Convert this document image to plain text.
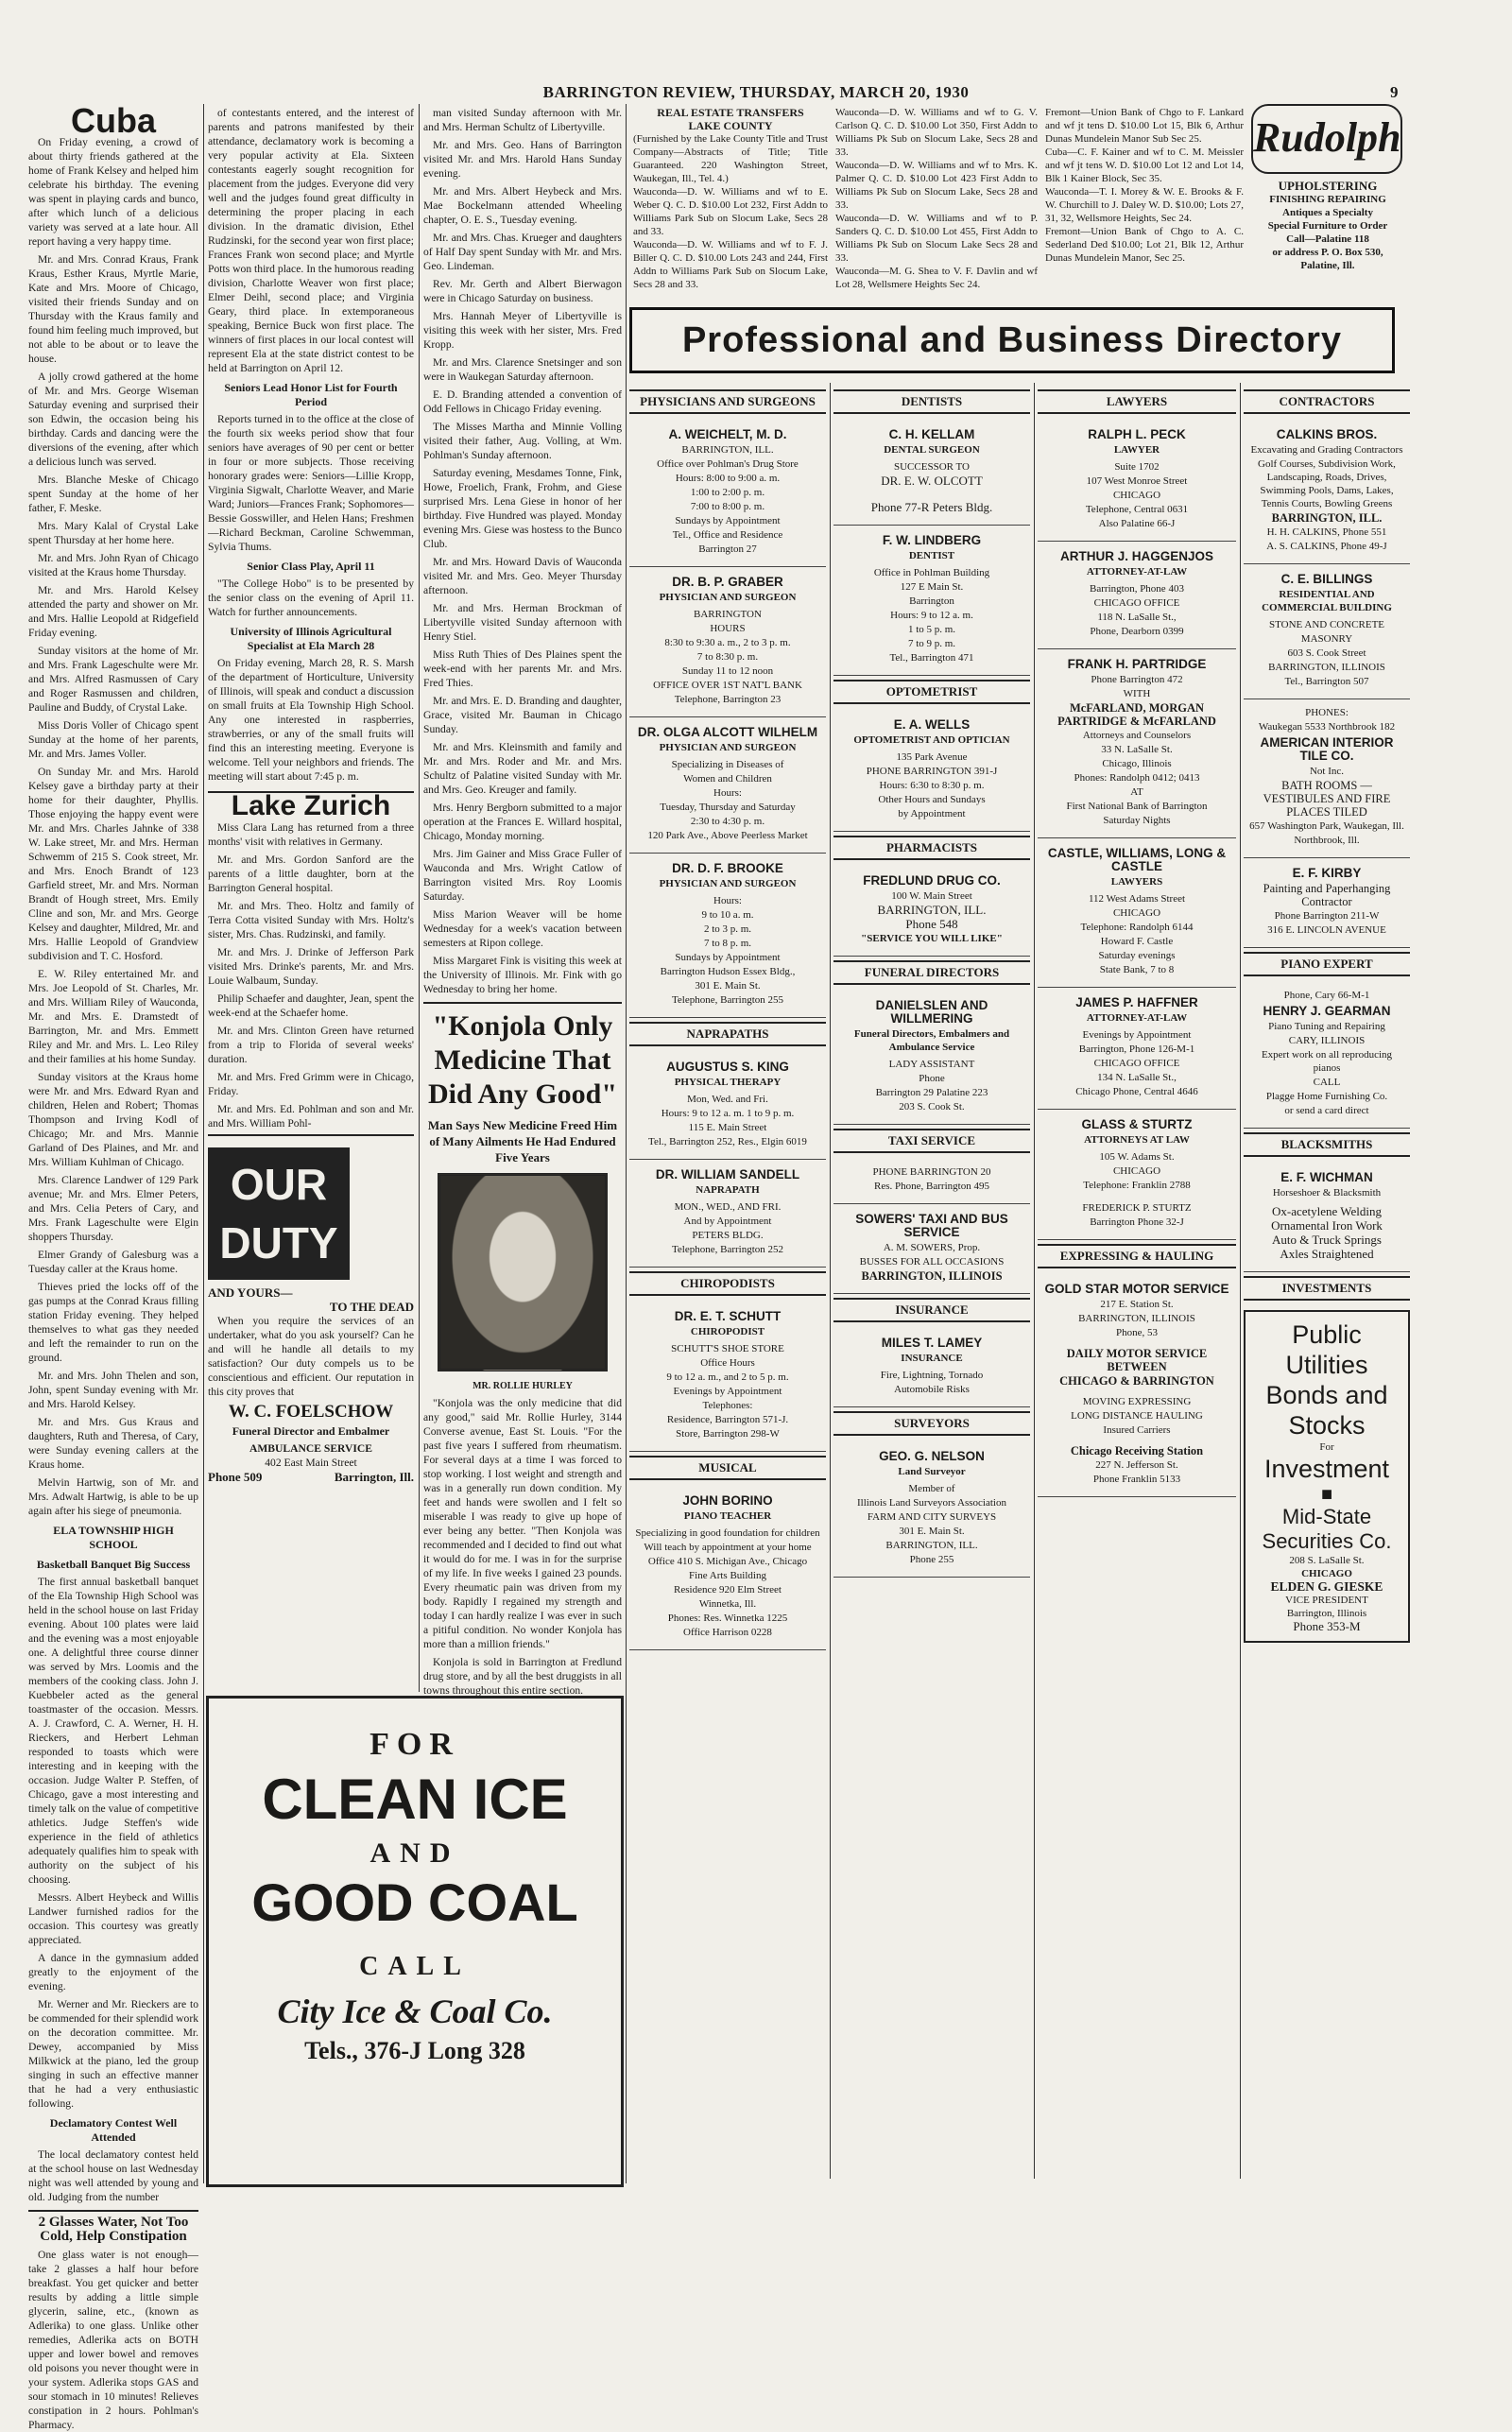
BARRINGTON REVIEW, THURSDAY, MARCH 20, 1930	9
Cuba

On Friday evening, a crowd of about thirty friends gathered at the home of Frank Kelsey and helped him celebrate his birthday. The evening was spent in playing cards and bunco, after which lunch of a delicious variety was served at a late hour. All report having a very happy time.

Mr. and Mrs. Conrad Kraus, Frank Kraus, Esther Kraus, Myrtle Marie, Kate and Mrs. Moore of Chicago, visited their friends Sunday and on Thursday with the Kraus family and found him feeling much improved, but not able to be about or to leave the house.

A jolly crowd gathered at the home of Mr. and Mrs. George Wiseman Saturday evening and surprised their son Edwin, the occasion being his birthday. Cards and dancing were the diversions of the evening, after which a delicious lunch was served.

Mrs. Blanche Meske of Chicago spent Sunday at the home of her father, F. Meske.

Mrs. Mary Kalal of Crystal Lake spent Thursday at her home here.

Mr. and Mrs. John Ryan of Chicago visited at the Kraus home Thursday.

Mr. and Mrs. Harold Kelsey attended the party and shower on Mr. and Mrs. Hallie Leopold at Ridgefield Friday evening.

Sunday visitors at the home of Mr. and Mrs. Frank Lageschulte were Mr. and Mrs. Alfred Rasmussen of Cary and Roger Rasmussen and children, Pauline and Buddy, of Crystal Lake.

Miss Doris Voller of Chicago spent Sunday at the home of her parents, Mr. and Mrs. James Voller.

On Sunday Mr. and Mrs. Harold Kelsey gave a birthday party at their home for their daughter, Phyllis. Those enjoying the happy event were Mr. and Mrs. Charles Jahnke of 338 W. Lake street, Mr. and Mrs. Herman Schwemm of 215 S. Cook street, Mr. and Mrs. Enoch Brandt of 123 Garfield street, Mr. and Mrs. Norman Brandt of Hough street, Mrs. Emily Cline and son, Mr. and Mrs. George Kelsey and daughter, Mildred, Mr. and Mrs. Hallie Leopold of Grandview subdivision and T. C. Hosford.

E. W. Riley entertained Mr. and Mrs. Joe Leopold of St. Charles, Mr. and Mrs. William Riley of Wauconda, Mr. and Mrs. E. Dramstedt of Barrington, Mr. and Mrs. Emmett Riley and Mr. and Mrs. L. Leo Riley and their families at his home Sunday.

Sunday visitors at the Kraus home were Mr. and Mrs. Edward Ryan and children, Helen and Robert; Thomas Thompson and Irving Kodl of Chicago; Mr. and Mrs. Mannie Garland of Des Plaines, and Mr. and Mrs. William Kuhlman of Chicago.

Mrs. Clarence Landwer of 129 Park avenue; Mr. and Mrs. Elmer Peters, and Mrs. Celia Peters of Cary, and Mrs. Frank Lageschulte were Elgin shoppers Thursday.

Elmer Grandy of Galesburg was a Tuesday caller at the Kraus home.

Thieves pried the locks off of the gas pumps at the Conrad Kraus filling station Friday evening. They helped themselves to what gas they needed and left the remainder to run on the ground.

Mr. and Mrs. John Thelen and son, John, spent Sunday evening with Mr. and Mrs. Harold Kelsey.

Mr. and Mrs. Gus Kraus and daughters, Ruth and Theresa, of Cary, were Sunday evening callers at the Kraus home.

Melvin Hartwig, son of Mr. and Mrs. Adwalt Hartwig, is able to be up again after his siege of pneumonia.

ELA TOWNSHIP HIGH SCHOOL
Basketball Banquet Big Success

The first annual basketball banquet of the Ela Township High School was held in the school house on last Friday evening. About 100 plates were laid and the evening was a most enjoyable one. A delightful three course dinner was served by Mrs. Loomis and the members of the cooking class. John J. Kuebbeler acted as the general toastmaster of the occasion. Messrs. A. J. Crawford, C. A. Werner, H. H. Rieckers, and Herbert Lehman responded to toasts which were interesting and in keeping with the occasion. Judge Walter P. Steffen, of Chicago, gave a most interesting and timely talk on the value of competitive athletics. Judge Steffen's wide experience in the field of athletics adequately qualifies him to speak with authority on the subject of his choosing.

Messrs. Albert Heybeck and Willis Landwer furnished radios for the occasion. This courtesy was greatly appreciated.

A dance in the gymnasium added greatly to the enjoyment of the evening.

Mr. Werner and Mr. Rieckers are to be commended for their splendid work on the decoration committee. Mr. Dewey, accompanied by Miss Milkwick at the piano, led the group singing in such an effective manner that he had a very enthusiastic following.

Declamatory Contest Well Attended

The local declamatory contest held at the school house on last Wednesday night was well attended by young and old. Judging from the number

2 Glasses Water, Not Too Cold, Help Constipation

One glass water is not enough—take 2 glasses a half hour before breakfast. You get quicker and better results by adding a little simple glycerin, saline, etc., (known as Adlerika) to one glass. Unlike other remedies, Adlerika acts on BOTH upper and lower bowel and removes old poisons you never thought were in your system. Adlerika stops GAS and sour stomach in 10 minutes! Relieves constipation in 2 hours. Pohlman's Pharmacy.

of contestants entered, and the interest of parents and patrons manifested by their attendance, declamatory work is becoming a very popular activity at Ela. Sixteen contestants eagerly sought recognition for placement from the judges. Everyone did very well and the judges found great difficulty in determining the proper placing in each division. In the dramatic division, Ethel Rudzinski, for the second year won first place; Frances Frank won second place; and Myrtle Potts won third place. In the humorous reading division, Charlotte Weaver won first place; Elmer Deihl, second place; and Virginia Geary, third place. In extemporaneous speaking, Bernice Buck won first place. The winners of first places in our local contest will represent Ela at the state district contest to be held at Barrington on April 12.

Seniors Lead Honor List for Fourth Period

Reports turned in to the office at the close of the fourth six weeks period show that four seniors have averages of 90 per cent or better in four or more subjects. Those receiving honorary grades were: Seniors—Lillie Kropp, Virginia Sigwalt, Charlotte Weaver, and Marie Ward; Juniors—Frances Frank; Sophomores—Bessie Gosswiller, and Helen Hans; Freshmen—Richard Beckman, Caroline Schwemman, Sylvia Thums.

Senior Class Play, April 11

"The College Hobo" is to be presented by the senior class on the evening of April 11. Watch for further announcements.

University of Illinois Agricultural Specialist at Ela March 28

On Friday evening, March 28, R. S. Marsh of the department of Horticulture, University of Illinois, will speak and conduct a discussion on small fruits at Ela Township High School. Any one interested in raspberries, strawberries, or any of the small fruits will find this an interesting meeting. Everyone is welcome. Tell your neighbors and friends. The meeting will start about 7:45 p. m.

Lake Zurich

Miss Clara Lang has returned from a three months' visit with relatives in Germany.

Mr. and Mrs. Gordon Sanford are the parents of a little daughter, born at the Barrington General hospital.

Mr. and Mrs. Theo. Holtz and family of Terra Cotta visited Sunday with Mrs. Holtz's sister, Mrs. Chas. Rudzinski, and family.

Mr. and Mrs. J. Drinke of Jefferson Park visited Mrs. Drinke's parents, Mr. and Mrs. Louie Walbaum, Sunday.

Philip Schaefer and daughter, Jean, spent the week-end at the Schaefer home.

Mr. and Mrs. Clinton Green have returned from a trip to Florida of several weeks' duration.

Mr. and Mrs. Fred Grimm were in Chicago, Friday.

Mr. and Mrs. Ed. Pohlman and son and Mr. and Mrs. William Pohl-

OUR
DUTY
AND YOURS—
TO THE DEAD

When you require the services of an undertaker, what do you ask yourself? Can he and will he handle all details to my satisfaction? Our duty compels us to be conscientious and efficient. Our reputation in this city proves that

W. C. FOELSCHOW
Funeral Director and Embalmer
AMBULANCE SERVICE
402 East Main Street
Phone 509	Barrington, Ill.

man visited Sunday afternoon with Mr. and Mrs. Herman Schultz of Libertyville.

Mr. and Mrs. Geo. Hans of Barrington visited Mr. and Mrs. Harold Hans Sunday evening.

Mr. and Mrs. Albert Heybeck and Mrs. Mae Bockelmann attended Wheeling chapter, O. E. S., Tuesday evening.

Mr. and Mrs. Chas. Krueger and daughters of Half Day spent Sunday with Mr. and Mrs. Geo. Lindeman.

Rev. Mr. Gerth and Albert Bierwagon were in Chicago Saturday on business.

Mrs. Hannah Meyer of Libertyville is visiting this week with her sister, Mrs. Fred Kropp.

Mr. and Mrs. Clarence Snetsinger and son were in Waukegan Saturday afternoon.

E. D. Branding attended a convention of Odd Fellows in Chicago Friday evening.

The Misses Martha and Minnie Volling visited their father, Aug. Volling, at Wm. Pohlman's Sunday afternoon.

Saturday evening, Mesdames Tonne, Fink, Howe, Froelich, Frank, Frohm, and Giese surprised Mrs. Lena Giese in honor of her birthday. Five Hundred was played. Monday evening Mrs. Giese was hostess to the Bunco Club.

Mr. and Mrs. Howard Davis of Wauconda visited Mr. and Mrs. Geo. Meyer Thursday afternoon.

Mr. and Mrs. Herman Brockman of Libertyville visited Sunday afternoon with Henry Stiel.

Miss Ruth Thies of Des Plaines spent the week-end with her parents Mr. and Mrs. Fred Thies.

Mr. and Mrs. E. D. Branding and daughter, Grace, visited Mr. Bauman in Chicago Sunday.

Mr. and Mrs. Kleinsmith and family and Mr. and Mrs. Roder and Mr. and Mrs. Schultz of Palatine visited Sunday with Mr. and Mrs. Geo. Kreuger and family.

Mrs. Henry Bergborn submitted to a major operation at the Frances E. Willard hospital, Chicago, Monday morning.

Mrs. Jim Gainer and Miss Grace Fuller of Wauconda and Mrs. Wright Catlow of Barrington visited Mrs. Roy Loomis Saturday.

Miss Marion Weaver will be home Wednesday for a week's vacation between semesters at Ripon college.

Miss Margaret Fink is visiting this week at the University of Illinois. Mr. Fink with go Wednesday to bring her home.

"Konjola Only
Medicine That
Did Any Good"
Man Says New Medicine Freed Him of Many Ailments He Had Endured Five Years
MR. ROLLIE HURLEY

"Konjola was the only medicine that did any good," said Mr. Rollie Hurley, 3144 Converse avenue, East St. Louis. "For the past five years I suffered from rheumatism. For several days at a time I was forced to stop working. I lost weight and strength and was in a generally run down condition. My feet and hands were swollen and I felt so miserable I was ready to give up hope of ever being any better. "Then Konjola was recommended and I decided to find out what it would do for me. I was in for the surprise of my life. In five weeks I gained 23 pounds. Every rheumatic pain was driven from my body. Rapidly I regained my strength and today I can hardly realize I was ever in such a pitiful condition. No wonder Konjola has more than a million friends."

Konjola is sold in Barrington at Fredlund drug store, and by all the best druggists in all towns throughout this entire section.

FOR
CLEAN ICE
AND
GOOD COAL
CALL
City Ice & Coal Co.
Tels., 376-J Long 328
REAL ESTATE TRANSFERS
LAKE COUNTY
(Furnished by the Lake County Title and Trust Company—Abstracts of Title; Title Guaranteed. 220 Washington Street, Waukegan, Ill., Tel. 4.)
Wauconda—D. W. Williams and wf to E. Weber Q. C. D. $10.00 Lot 232, First Addn to Williams Park Sub on Slocum Lake, Secs 28 and 33.
Wauconda—D. W. Williams and wf to F. J. Biller Q. C. D. $10.00 Lots 243 and 244, First Addn to Williams Park Sub on Slocum Lake, Secs 28 and 33.
Wauconda—D. W. Williams and wf to G. V. Carlson Q. C. D. $10.00 Lot 350, First Addn to Williams Pk Sub on Slocum Lake, Secs 28 and 33.
Wauconda—D. W. Williams and wf to Mrs. K. Palmer Q. C. D. $10.00 Lot 423 First Addn to Williams Pk Sub on Slocum Lake, Secs 28 and 33.
Wauconda—D. W. Williams and wf to P. Sanders Q. C. D. $10.00 Lot 455, First Addn to Williams Pk Sub on Slocum Lake Secs 28 and 33.
Wauconda—M. G. Shea to V. F. Davlin and wf Lot 28, Wellsmere Heights Sec 24.
Fremont—Union Bank of Chgo to F. Lankard and wf jt tens D. $10.00 Lot 15, Blk 6, Arthur Dunas Mundelein Manor Sub Sec 25.
Cuba—C. F. Kainer and wf to C. M. Meissler and wf jt tens W. D. $10.00 Lot 12 and Lot 14, Blk 1 Kainer Block, Sec 35.
Wauconda—T. I. Morey & W. E. Brooks & F. W. Churchill to J. Daley W. D. $10.00; Lots 27, 31, 32, Wellsmore Heights, Sec 24.
Fremont—Union Bank of Chgo to A. C. Sederland Ded $10.00; Lot 21, Blk 12, Arthur Dunas Mundelein Manor, Sec 25.
Rudolph
UPHOLSTERING
FINISHING REPAIRING
Antiques a Specialty
Special Furniture to Order
Call—Palatine 118
or address P. O. Box 530,
Palatine, Ill.
Professional and Business Directory
PHYSICIANS AND SURGEONS
A. WEICHELT, M. D.
BARRINGTON, ILL.
Office over Pohlman's Drug Store
Hours: 8:00 to 9:00 a. m.
1:00 to 2:00 p. m.
7:00 to 8:00 p. m.
Sundays by Appointment
Tel., Office and Residence
Barrington 27
DR. B. P. GRABER
PHYSICIAN AND SURGEON
BARRINGTON
HOURS
8:30 to 9:30 a. m., 2 to 3 p. m.
7 to 8:30 p. m.
Sunday 11 to 12 noon
OFFICE OVER 1ST NAT'L BANK
Telephone, Barrington 23
DR. OLGA ALCOTT WILHELM
PHYSICIAN AND SURGEON
Specializing in Diseases of
Women and Children
Hours:
Tuesday, Thursday and Saturday
2:30 to 4:30 p. m.
120 Park Ave., Above Peerless Market
DR. D. F. BROOKE
PHYSICIAN AND SURGEON
Hours:
9 to 10 a. m.
2 to 3 p. m.
7 to 8 p. m.
Sundays by Appointment
Barrington Hudson Essex Bldg.,
301 E. Main St.
Telephone, Barrington 255
NAPRAPATHS
AUGUSTUS S. KING
PHYSICAL THERAPY
Mon, Wed. and Fri.
Hours: 9 to 12 a. m. 1 to 9 p. m.
115 E. Main Street
Tel., Barrington 252, Res., Elgin 6019
DR. WILLIAM SANDELL
NAPRAPATH
MON., WED., AND FRI.
And by Appointment
PETERS BLDG.
Telephone, Barrington 252
CHIROPODISTS
DR. E. T. SCHUTT
CHIROPODIST
SCHUTT'S SHOE STORE
Office Hours
9 to 12 a. m., and 2 to 5 p. m.
Evenings by Appointment
Telephones:
Residence, Barrington 571-J.
Store, Barrington 298-W
MUSICAL
JOHN BORINO
PIANO TEACHER
Specializing in good foundation for children
Will teach by appointment at your home
Office 410 S. Michigan Ave., Chicago
Fine Arts Building
Residence 920 Elm Street
Winnetka, Ill.
Phones: Res. Winnetka 1225
Office Harrison 0228
DENTISTS
C. H. KELLAM
DENTAL SURGEON
SUCCESSOR TO
DR. E. W. OLCOTT
Phone 77-R Peters Bldg.
F. W. LINDBERG
DENTIST
Office in Pohlman Building
127 E Main St.
Barrington
Hours: 9 to 12 a. m.
1 to 5 p. m.
7 to 9 p. m.
Tel., Barrington 471
OPTOMETRIST
E. A. WELLS
OPTOMETRIST AND OPTICIAN
135 Park Avenue
PHONE BARRINGTON 391-J
Hours: 6:30 to 8:30 p. m.
Other Hours and Sundays
by Appointment
PHARMACISTS
FREDLUND DRUG CO.
100 W. Main Street
BARRINGTON, ILL.
Phone 548
"SERVICE YOU WILL LIKE"
FUNERAL DIRECTORS
DANIELSLEN AND WILLMERING
Funeral Directors, Embalmers and Ambulance Service
LADY ASSISTANT
Phone
Barrington 29 Palatine 223
203 S. Cook St.
TAXI SERVICE
PHONE BARRINGTON 20
Res. Phone, Barrington 495
SOWERS' TAXI AND BUS SERVICE
A. M. SOWERS, Prop.
BUSSES FOR ALL OCCASIONS
BARRINGTON, ILLINOIS
INSURANCE
MILES T. LAMEY
INSURANCE
Fire, Lightning, Tornado
Automobile Risks
SURVEYORS
GEO. G. NELSON
Land Surveyor
Member of
Illinois Land Surveyors Association
FARM AND CITY SURVEYS
301 E. Main St.
BARRINGTON, ILL.
Phone 255
LAWYERS
RALPH L. PECK
LAWYER
Suite 1702
107 West Monroe Street
CHICAGO
Telephone, Central 0631
Also Palatine 66-J
ARTHUR J. HAGGENJOS
ATTORNEY-AT-LAW
Barrington, Phone 403
CHICAGO OFFICE
118 N. LaSalle St.,
Phone, Dearborn 0399
FRANK H. PARTRIDGE
Phone Barrington 472
WITH
McFARLAND, MORGAN PARTRIDGE & McFARLAND
Attorneys and Counselors
33 N. LaSalle St.
Chicago, Illinois
Phones: Randolph 0412; 0413
AT
First National Bank of Barrington
Saturday Nights
CASTLE, WILLIAMS, LONG & CASTLE
LAWYERS
112 West Adams Street
CHICAGO
Telephone: Randolph 6144
Howard F. Castle
Saturday evenings
State Bank, 7 to 8
JAMES P. HAFFNER
ATTORNEY-AT-LAW
Evenings by Appointment
Barrington, Phone 126-M-1
CHICAGO OFFICE
134 N. LaSalle St.,
Chicago Phone, Central 4646
GLASS & STURTZ
ATTORNEYS AT LAW
105 W. Adams St.
CHICAGO
Telephone: Franklin 2788
FREDERICK P. STURTZ
Barrington Phone 32-J
EXPRESSING & HAULING
GOLD STAR MOTOR SERVICE
217 E. Station St.
BARRINGTON, ILLINOIS
Phone, 53
DAILY MOTOR SERVICE BETWEEN
CHICAGO & BARRINGTON
MOVING EXPRESSING
LONG DISTANCE HAULING
Insured Carriers
Chicago Receiving Station
227 N. Jefferson St.
Phone Franklin 5133
CONTRACTORS
CALKINS BROS.
Excavating and Grading Contractors
Golf Courses, Subdivision Work, Landscaping, Roads, Drives, Swimming Pools, Dams, Lakes, Tennis Courts, Bowling Greens
BARRINGTON, ILL.
H. H. CALKINS, Phone 551
A. S. CALKINS, Phone 49-J
C. E. BILLINGS
RESIDENTIAL AND COMMERCIAL BUILDING
STONE AND CONCRETE
MASONRY
603 S. Cook Street
BARRINGTON, ILLINOIS
Tel., Barrington 507
PHONES:
Waukegan 5533 Northbrook 182
AMERICAN INTERIOR TILE CO.
Not Inc.
BATH ROOMS — VESTIBULES AND FIRE PLACES TILED
657 Washington Park, Waukegan, Ill.
Northbrook, Ill.
E. F. KIRBY
Painting and Paperhanging Contractor
Phone Barrington 211-W
316 E. LINCOLN AVENUE
PIANO EXPERT
Phone, Cary 66-M-1
HENRY J. GEARMAN
Piano Tuning and Repairing
CARY, ILLINOIS
Expert work on all reproducing pianos
CALL
Plagge Home Furnishing Co.
or send a card direct
BLACKSMITHS
E. F. WICHMAN
Horseshoer & Blacksmith
Ox-acetylene Welding
Ornamental Iron Work
Auto & Truck Springs
Axles Straightened
INVESTMENTS
Public Utilities
Bonds and
Stocks
For
Investment
■
Mid-State Securities Co.
208 S. LaSalle St.
CHICAGO
ELDEN G. GIESKE
VICE PRESIDENT
Barrington, Illinois
Phone 353-M
